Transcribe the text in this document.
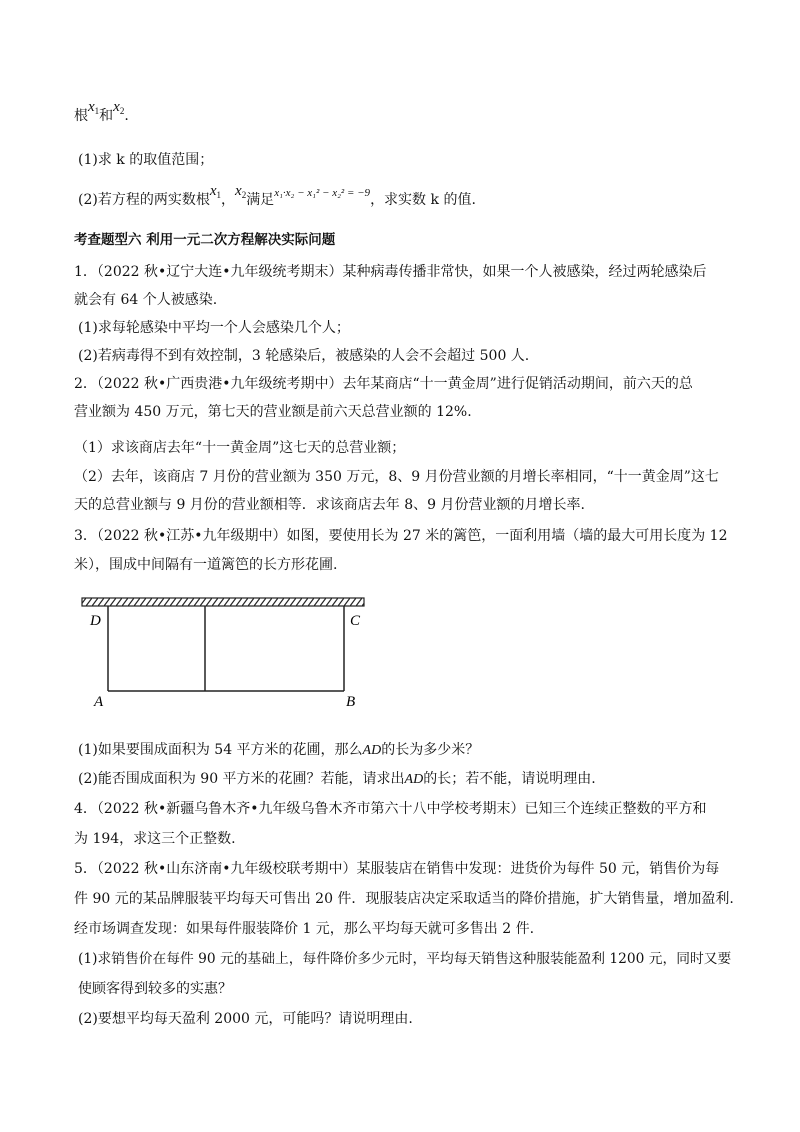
根$x_1$和$x_2$.
(1)求 k 的取值范围；
(2)若方程的两实数根$x_1$，$x_2$满足$^{x_1\cdot x_2 - x_1^2 - x_2^2 = -9}$，求实数 k 的值.
考查题型六 利用一元二次方程解决实际问题
1．（2022 秋•辽宁大连•九年级统考期末）某种病毒传播非常快，如果一个人被感染，经过两轮感染后
就会有 64 个人被感染.
(1)求每轮感染中平均一个人会感染几个人；
(2)若病毒得不到有效控制，3 轮感染后，被感染的人会不会超过 500 人.
2．（2022 秋•广西贵港•九年级统考期中）去年某商店“十一黄金周”进行促销活动期间，前六天的总
营业额为 450 万元，第七天的营业额是前六天总营业额的 12%.
（1）求该商店去年“十一黄金周”这七天的总营业额；
（2）去年，该商店 7 月份的营业额为 350 万元，8、9 月份营业额的月增长率相同，“十一黄金周”这七
天的总营业额与 9 月份的营业额相等．求该商店去年 8、9 月份营业额的月增长率.
3．（2022 秋•江苏•九年级期中）如图，要使用长为 27 米的篱笆，一面利用墙（墙的最大可用长度为 12
米），围成中间隔有一道篱笆的长方形花圃.
D	C
A	B
(1)如果要围成面积为 54 平方米的花圃，那么AD的长为多少米？
(2)能否围成面积为 90 平方米的花圃？若能，请求出AD的长；若不能，请说明理由.
4．（2022 秋•新疆乌鲁木齐•九年级乌鲁木齐市第六十八中学校考期末）已知三个连续正整数的平方和
为 194，求这三个正整数.
5．（2022 秋•山东济南•九年级校联考期中）某服装店在销售中发现：进货价为每件 50 元，销售价为每
件 90 元的某品牌服装平均每天可售出 20 件．现服装店决定采取适当的降价措施，扩大销售量，增加盈利.
经市场调查发现：如果每件服装降价 1 元，那么平均每天就可多售出 2 件.
(1)求销售价在每件 90 元的基础上，每件降价多少元时，平均每天销售这种服装能盈利 1200 元，同时又要
使顾客得到较多的实惠？
(2)要想平均每天盈利 2000 元，可能吗？请说明理由.
